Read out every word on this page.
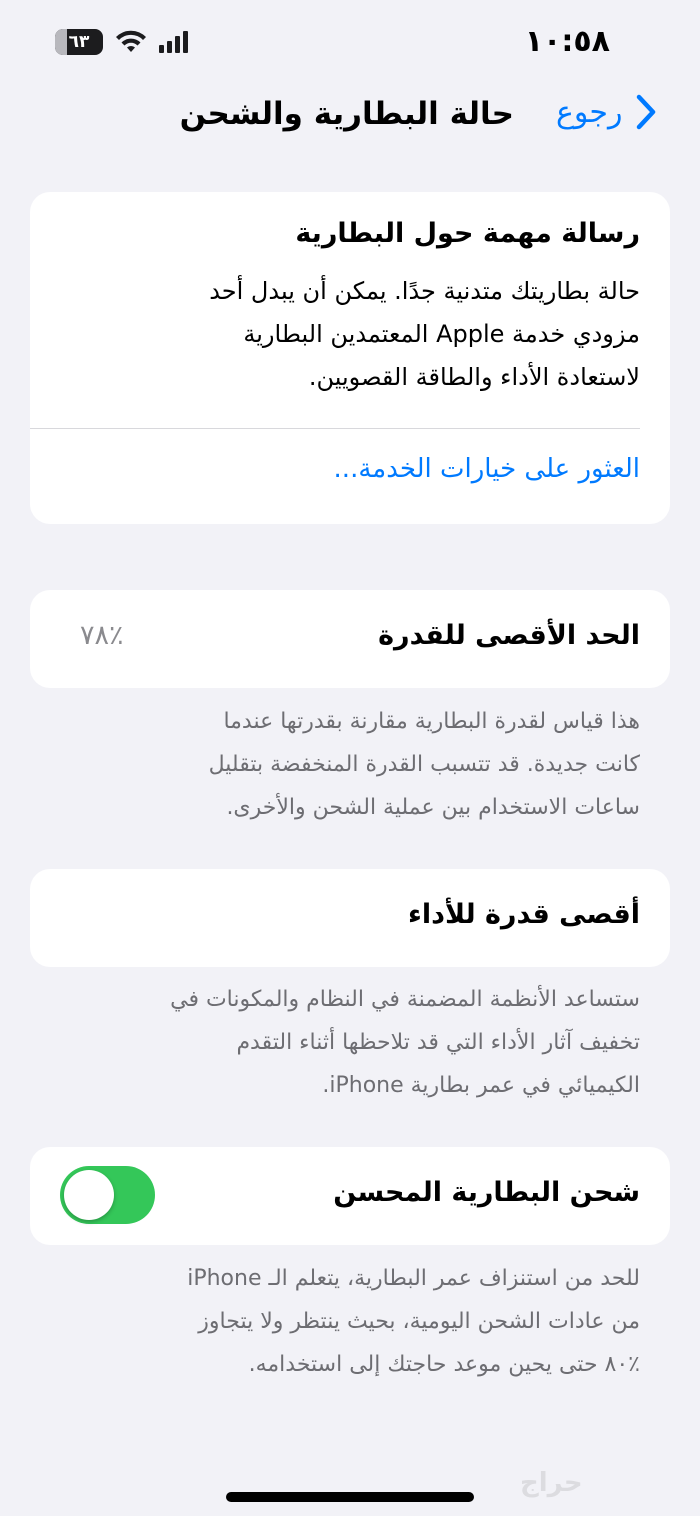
١٠:٥٨
٦٣
رجوع
حالة البطارية والشحن
رسالة مهمة حول البطارية
حالة بطاريتك متدنية جدًا. يمكن أن يبدل أحد
مزودي خدمة Apple المعتمدين البطارية
لاستعادة الأداء والطاقة القصويين.
العثور على خيارات الخدمة...
الحد الأقصى للقدرة
٪٧٨
هذا قياس لقدرة البطارية مقارنة بقدرتها عندما
كانت جديدة. قد تتسبب القدرة المنخفضة بتقليل
ساعات الاستخدام بين عملية الشحن والأخرى.
أقصى قدرة للأداء
ستساعد الأنظمة المضمنة في النظام والمكونات في
تخفيف آثار الأداء التي قد تلاحظها أثناء التقدم
الكيميائي في عمر بطارية iPhone.
شحن البطارية المحسن
للحد من استنزاف عمر البطارية، يتعلم الـ iPhone
من عادات الشحن اليومية، بحيث ينتظر ولا يتجاوز
٪٨٠ حتى يحين موعد حاجتك إلى استخدامه.
حراج
